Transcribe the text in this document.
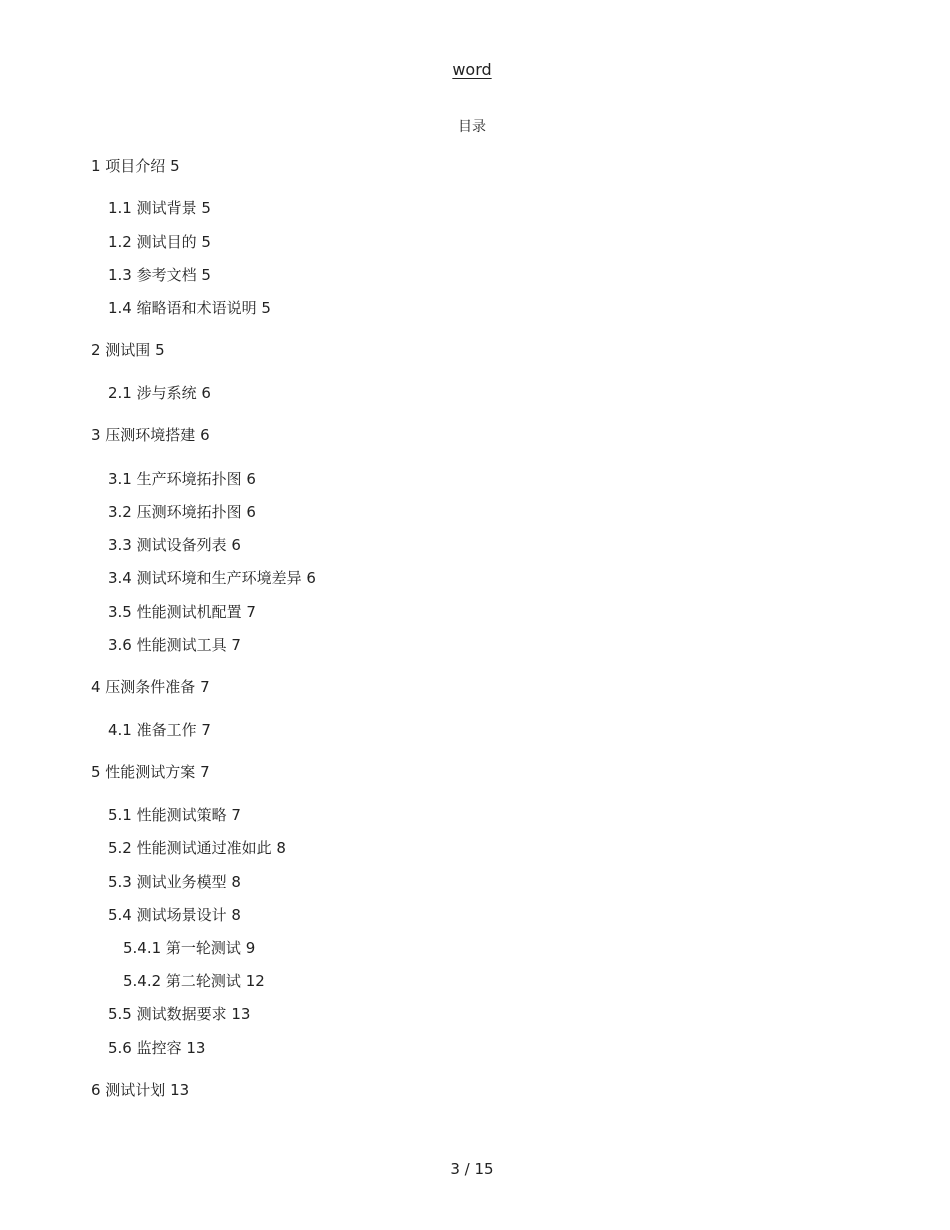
word
目录
1 项目介绍 5
1.1 测试背景 5
1.2 测试目的 5
1.3 参考文档 5
1.4 缩略语和术语说明 5
2 测试围 5
2.1 涉与系统 6
3 压测环境搭建 6
3.1 生产环境拓扑图 6
3.2 压测环境拓扑图 6
3.3 测试设备列表 6
3.4 测试环境和生产环境差异 6
3.5 性能测试机配置 7
3.6 性能测试工具 7
4 压测条件准备 7
4.1 准备工作 7
5 性能测试方案 7
5.1 性能测试策略 7
5.2 性能测试通过准如此 8
5.3 测试业务模型 8
5.4 测试场景设计 8
5.4.1 第一轮测试 9
5.4.2 第二轮测试 12
5.5 测试数据要求 13
5.6 监控容 13
6 测试计划 13
3 / 15
